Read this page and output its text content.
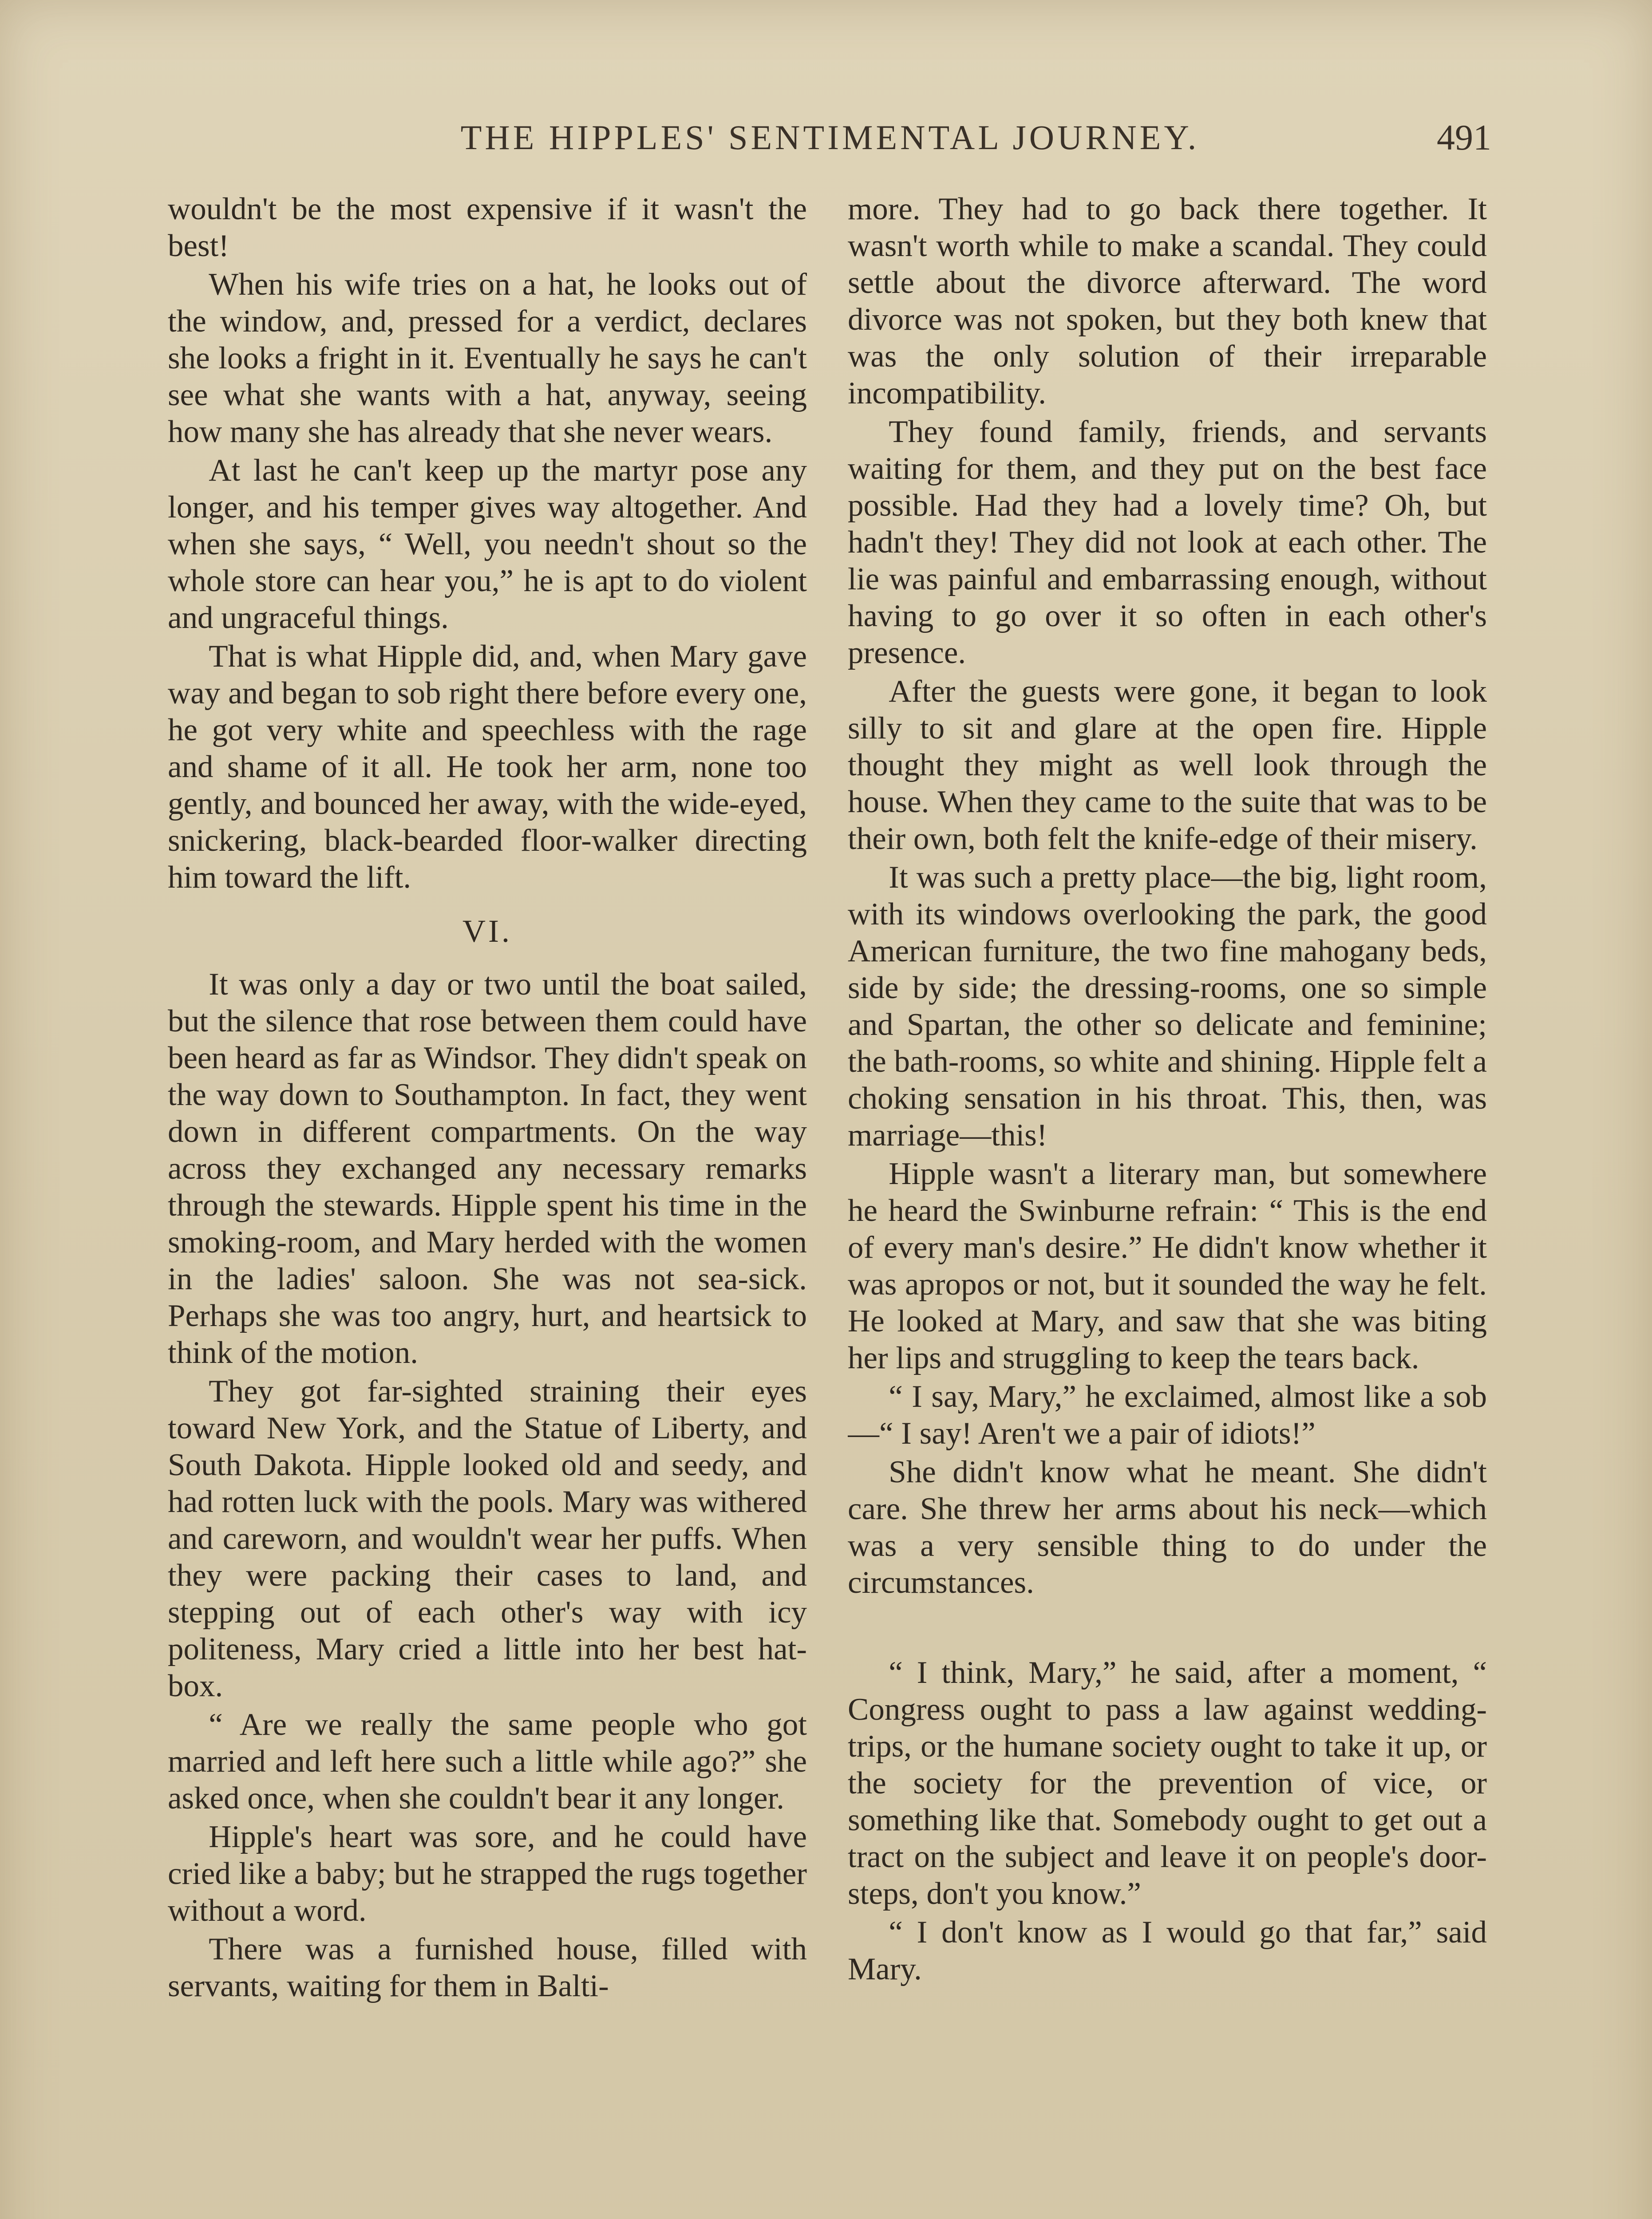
THE HIPPLES' SENTIMENTAL JOURNEY.	491

wouldn't be the most expensive if it wasn't the best!

When his wife tries on a hat, he looks out of the window, and, pressed for a verdict, declares she looks a fright in it. Eventually he says he can't see what she wants with a hat, anyway, seeing how many she has already that she never wears.

At last he can't keep up the martyr pose any longer, and his temper gives way altogether. And when she says, “ Well, you needn't shout so the whole store can hear you,” he is apt to do violent and ungraceful things.

That is what Hipple did, and, when Mary gave way and began to sob right there before every one, he got very white and speechless with the rage and shame of it all. He took her arm, none too gently, and bounced her away, with the wide-eyed, snickering, black-bearded floor-walker directing him toward the lift.

VI.

It was only a day or two until the boat sailed, but the silence that rose between them could have been heard as far as Windsor. They didn't speak on the way down to Southampton. In fact, they went down in different compartments. On the way across they exchanged any necessary remarks through the stewards. Hipple spent his time in the smoking-room, and Mary herded with the women in the ladies' saloon. She was not sea-sick. Perhaps she was too angry, hurt, and heartsick to think of the motion.

They got far-sighted straining their eyes toward New York, and the Statue of Liberty, and South Dakota. Hipple looked old and seedy, and had rotten luck with the pools. Mary was withered and careworn, and wouldn't wear her puffs. When they were packing their cases to land, and stepping out of each other's way with icy politeness, Mary cried a little into her best hat-box.

“ Are we really the same people who got married and left here such a little while ago?” she asked once, when she couldn't bear it any longer.

Hipple's heart was sore, and he could have cried like a baby; but he strapped the rugs together without a word.

There was a furnished house, filled with servants, waiting for them in Balti-

more. They had to go back there together. It wasn't worth while to make a scandal. They could settle about the divorce afterward. The word divorce was not spoken, but they both knew that was the only solution of their irreparable incompatibility.

They found family, friends, and servants waiting for them, and they put on the best face possible. Had they had a lovely time? Oh, but hadn't they! They did not look at each other. The lie was painful and embarrassing enough, without having to go over it so often in each other's presence.

After the guests were gone, it began to look silly to sit and glare at the open fire. Hipple thought they might as well look through the house. When they came to the suite that was to be their own, both felt the knife-edge of their misery.

It was such a pretty place—the big, light room, with its windows overlooking the park, the good American furniture, the two fine mahogany beds, side by side; the dressing-rooms, one so simple and Spartan, the other so delicate and feminine; the bath-rooms, so white and shining. Hipple felt a choking sensation in his throat. This, then, was marriage—this!

Hipple wasn't a literary man, but somewhere he heard the Swinburne refrain: “ This is the end of every man's desire.” He didn't know whether it was apropos or not, but it sounded the way he felt. He looked at Mary, and saw that she was biting her lips and struggling to keep the tears back.

“ I say, Mary,” he exclaimed, almost like a sob—“ I say! Aren't we a pair of idiots!”

She didn't know what he meant. She didn't care. She threw her arms about his neck—which was a very sensible thing to do under the circumstances.

“ I think, Mary,” he said, after a moment, “ Congress ought to pass a law against wedding-trips, or the humane society ought to take it up, or the society for the prevention of vice, or something like that. Somebody ought to get out a tract on the subject and leave it on people's door-steps, don't you know.”

“ I don't know as I would go that far,” said Mary.
